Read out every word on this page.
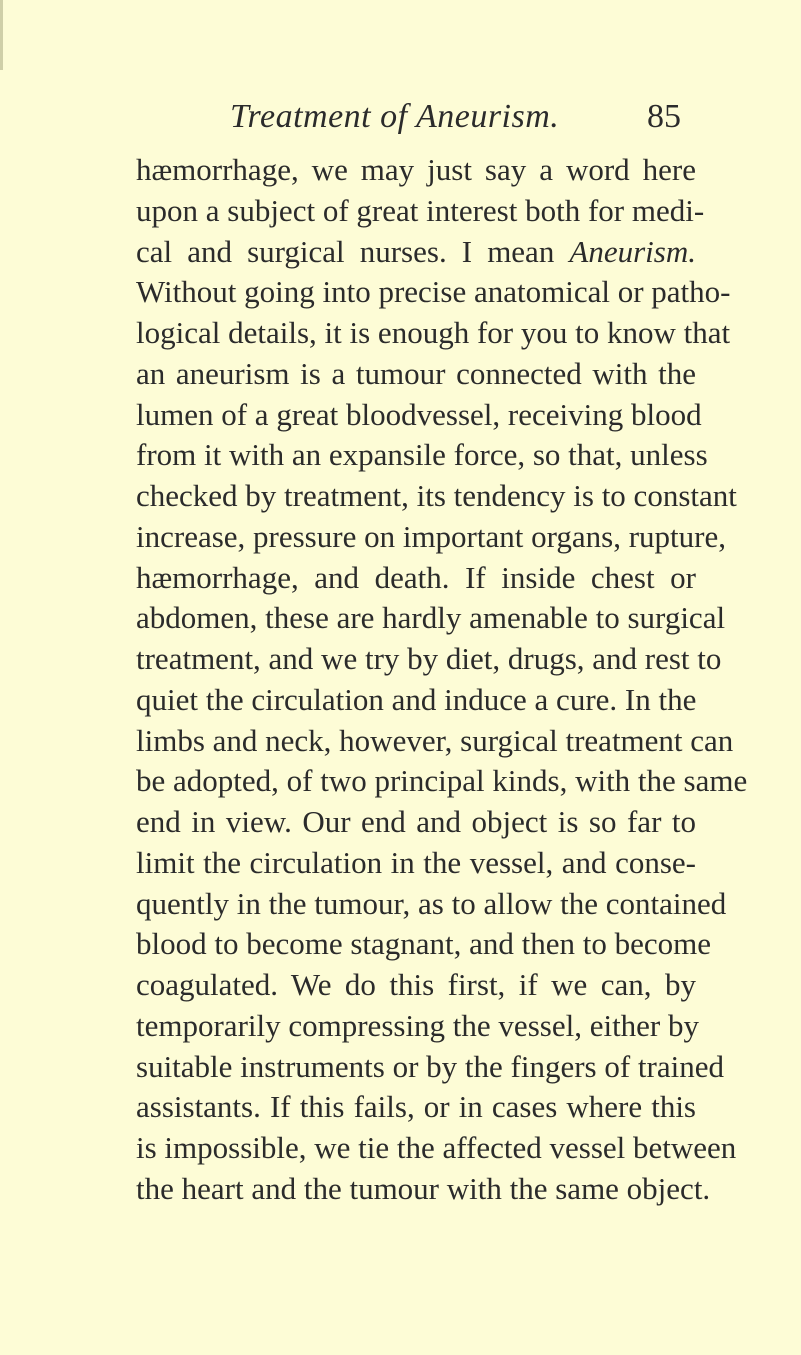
Treatment of Aneurism.	85
hæmorrhage, we may just say a word here
upon a subject of great interest both for medi-
cal and surgical nurses. I mean Aneurism.
Without going into precise anatomical or patho-
logical details, it is enough for you to know that
an aneurism is a tumour connected with the
lumen of a great bloodvessel, receiving blood
from it with an expansile force, so that, unless
checked by treatment, its tendency is to constant
increase, pressure on important organs, rupture,
hæmorrhage, and death. If inside chest or
abdomen, these are hardly amenable to surgical
treatment, and we try by diet, drugs, and rest to
quiet the circulation and induce a cure. In the
limbs and neck, however, surgical treatment can
be adopted, of two principal kinds, with the same
end in view. Our end and object is so far to
limit the circulation in the vessel, and conse-
quently in the tumour, as to allow the contained
blood to become stagnant, and then to become
coagulated. We do this first, if we can, by
temporarily compressing the vessel, either by
suitable instruments or by the fingers of trained
assistants. If this fails, or in cases where this
is impossible, we tie the affected vessel between
the heart and the tumour with the same object.
